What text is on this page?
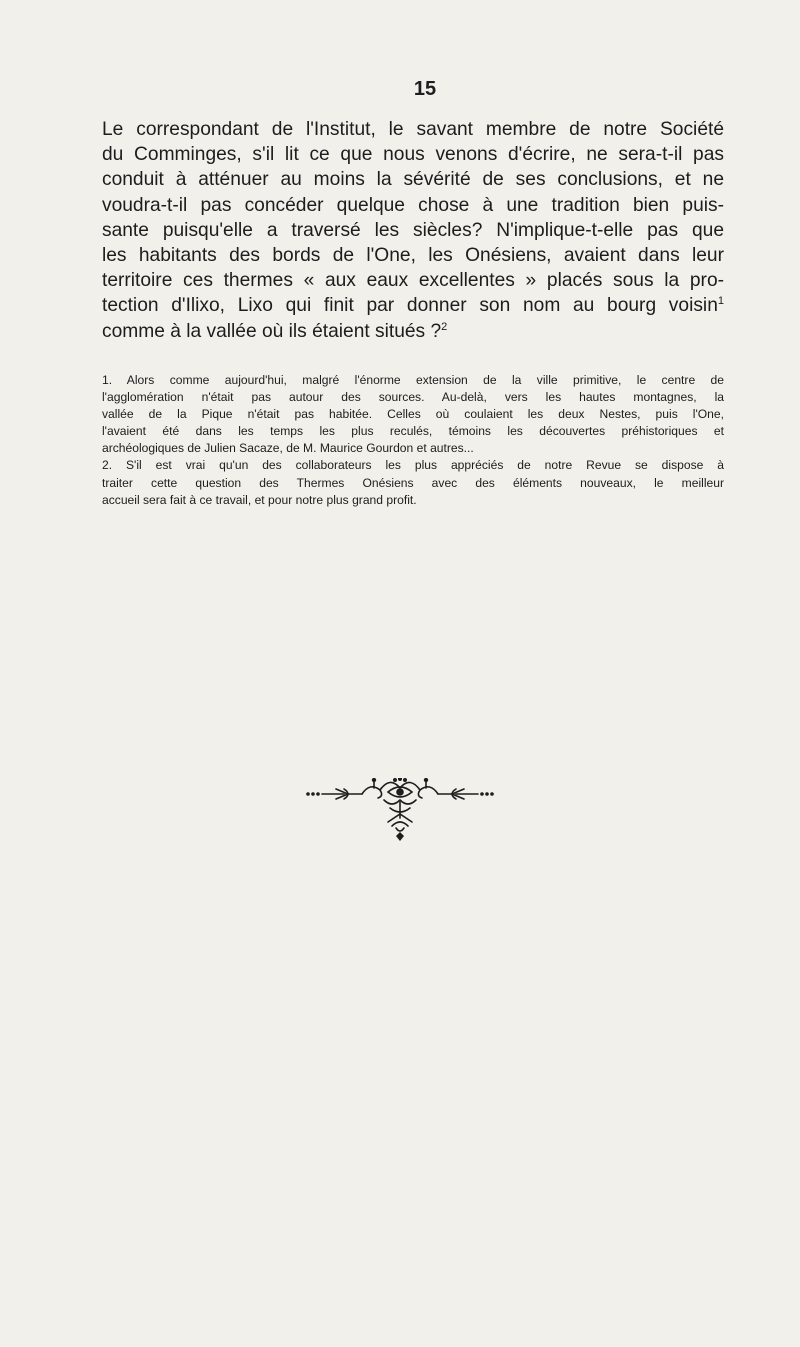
15
Le correspondant de l'Institut, le savant membre de notre Société
du Comminges, s'il lit ce que nous venons d'écrire, ne sera-t-il pas
conduit à atténuer au moins la sévérité de ses conclusions, et ne
voudra-t-il pas concéder quelque chose à une tradition bien puis-
sante puisqu'elle a traversé les siècles? N'implique-t-elle pas que
les habitants des bords de l'One, les Onésiens, avaient dans leur
territoire ces thermes « aux eaux excellentes » placés sous la pro-
tection d'Ilixo, Lixo qui finit par donner son nom au bourg voisin$^1$
comme à la vallée où ils étaient situés ?$^2$
1. Alors comme aujourd'hui, malgré l'énorme extension de la ville primitive, le centre de
l'agglomération n'était pas autour des sources. Au-delà, vers les hautes montagnes, la
vallée de la Pique n'était pas habitée. Celles où coulaient les deux Nestes, puis l'One,
l'avaient été dans les temps les plus reculés, témoins les découvertes préhistoriques et
archéologiques de Julien Sacaze, de M. Maurice Gourdon et autres...
2. S'il est vrai qu'un des collaborateurs les plus appréciés de notre Revue se dispose à
traiter cette question des Thermes Onésiens avec des éléments nouveaux, le meilleur
accueil sera fait à ce travail, et pour notre plus grand profit.
